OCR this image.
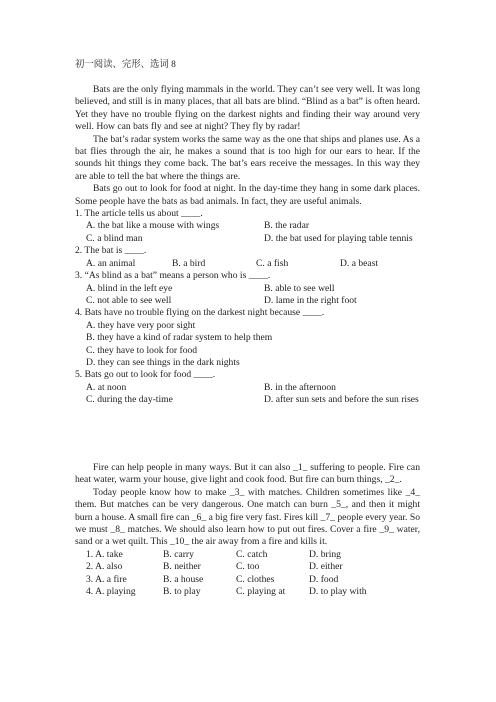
初一阅读、完形、选词 8

Bats are the only flying mammals in the world. They can’t see very well. It was long believed, and still is in many places, that all bats are blind. “Blind as a bat” is often heard. Yet they have no trouble flying on the darkest nights and finding their way around very well. How can bats fly and see at night? They fly by radar!

The bat’s radar system works the same way as the one that ships and planes use. As a bat flies through the air, he makes a sound that is too high for our ears to hear. If the sounds hit things they come back. The bat’s ears receive the messages. In this way they are able to tell the bat where the things are.

Bats go out to look for food at night. In the day-time they hang in some dark places. Some people have the bats as bad animals. In fact, they are useful animals.

1. The article tells us about ____.

A. the bat like a mouse with wings	B. the radar
C. a blind man	D. the bat used for playing table tennis

2. The bat is ____.

A. an animal	B. a bird	C. a fish	D. a beast

3. “As blind as a bat” means a person who is ____.

A. blind in the left eye	B. able to see well
C. not able to see well	D. lame in the right foot

4. Bats have no trouble flying on the darkest night because ____.

A. they have very poor sight
B. they have a kind of radar system to help them
C. they have to look for food
D. they can see things in the dark nights

5. Bats go out to look for food ____.

A. at noon	B. in the afternoon
C. during the day-time	D. after sun sets and before the sun rises

Fire can help people in many ways. But it can also _1_ suffering to people. Fire can heat water, warm your house, give light and cook food. But fire can burn things, _2_.

Today people know how to make _3_ with matches. Children sometimes like _4_ them. But matches can be very dangerous. One match can burn _5_, and then it might burn a house. A small fire can _6_ a big fire very fast. Fires kill _7_ people every year. So we must _8_ matches. We should also learn how to put out fires. Cover a fire _9_ water, sand or a wet quilt. This _10_ the air away from a fire and kills it.

1. A. take	B. carry	C. catch	D. bring
2. A. also	B. neither	C. too	D. either
3. A. a fire	B. a house	C. clothes	D. food
4. A. playing	B. to play	C. playing at	D. to play with
